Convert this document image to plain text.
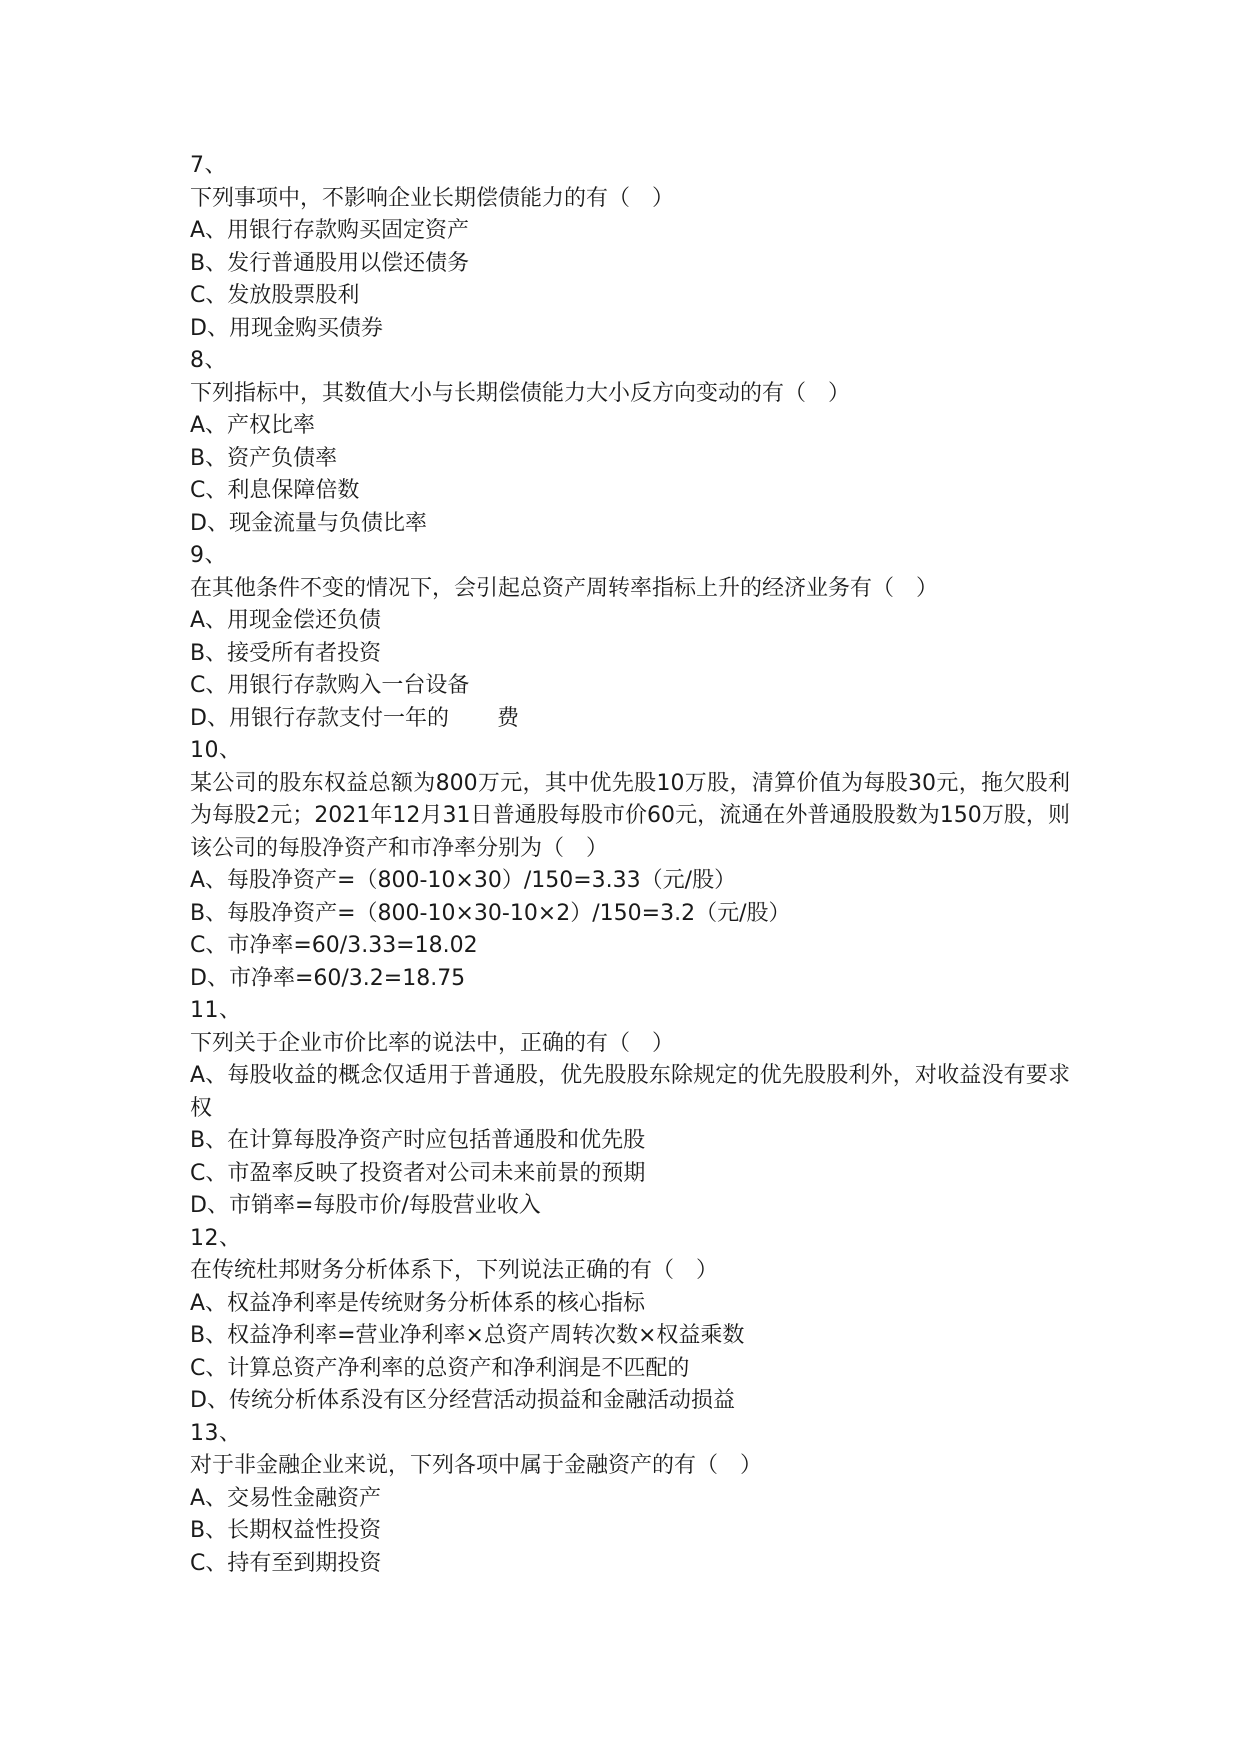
7、
下列事项中，不影响企业长期偿债能力的有（　）
A、用银行存款购买固定资产
B、发行普通股用以偿还债务
C、发放股票股利
D、用现金购买债券
8、
下列指标中，其数值大小与长期偿债能力大小反方向变动的有（　）
A、产权比率
B、资产负债率
C、利息保障倍数
D、现金流量与负债比率
9、
在其他条件不变的情况下，会引起总资产周转率指标上升的经济业务有（　）
A、用现金偿还负债
B、接受所有者投资
C、用银行存款购入一台设备
D、用银行存款支付一年的 费
10、
某公司的股东权益总额为800万元，其中优先股10万股，清算价值为每股30元，拖欠股利为每股2元；2021年12月31日普通股每股市价60元，流通在外普通股股数为150万股，则该公司的每股净资产和市净率分别为（　）
A、每股净资产=（800-10×30）/150=3.33（元/股）
B、每股净资产=（800-10×30-10×2）/150=3.2（元/股）
C、市净率=60/3.33=18.02
D、市净率=60/3.2=18.75
11、
下列关于企业市价比率的说法中，正确的有（　）
A、每股收益的概念仅适用于普通股，优先股股东除规定的优先股股利外，对收益没有要求权
B、在计算每股净资产时应包括普通股和优先股
C、市盈率反映了投资者对公司未来前景的预期
D、市销率=每股市价/每股营业收入
12、
在传统杜邦财务分析体系下，下列说法正确的有（　）
A、权益净利率是传统财务分析体系的核心指标
B、权益净利率=营业净利率×总资产周转次数×权益乘数
C、计算总资产净利率的总资产和净利润是不匹配的
D、传统分析体系没有区分经营活动损益和金融活动损益
13、
对于非金融企业来说，下列各项中属于金融资产的有（　）
A、交易性金融资产
B、长期权益性投资
C、持有至到期投资
